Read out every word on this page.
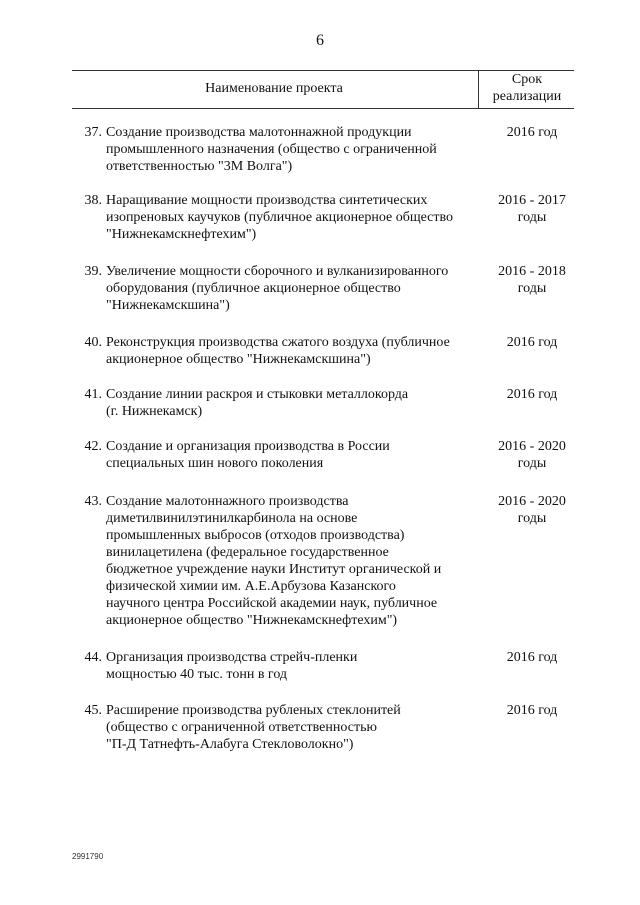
6
Наименование проекта
Срок
реализации
37. Создание производства малотоннажной продукции
промышленного назначения (общество с ограниченной
ответственностью "3М Волга")
2016 год
38. Наращивание мощности производства синтетических
изопреновых каучуков (публичное акционерное общество
"Нижнекамскнефтехим")
2016 - 2017
годы
39. Увеличение мощности сборочного и вулканизированного
оборудования (публичное акционерное общество
"Нижнекамскшина")
2016 - 2018
годы
40. Реконструкция производства сжатого воздуха (публичное
акционерное общество "Нижнекамскшина")
2016 год
41. Создание линии раскроя и стыковки металлокорда
(г. Нижнекамск)
2016 год
42. Создание и организация производства в России
специальных шин нового поколения
2016 - 2020
годы
43. Создание малотоннажного производства
диметилвинилэтинилкарбинола на основе
промышленных выбросов (отходов производства)
винилацетилена (федеральное государственное
бюджетное учреждение науки Институт органической и
физической химии им. А.Е.Арбузова Казанского
научного центра Российской академии наук, публичное
акционерное общество "Нижнекамскнефтехим")
2016 - 2020
годы
44. Организация производства стрейч-пленки
мощностью 40 тыс. тонн в год
2016 год
45. Расширение производства рубленых стеклонитей
(общество с ограниченной ответственностью
"П-Д Татнефть-Алабуга Стекловолокно")
2016 год
2991790
